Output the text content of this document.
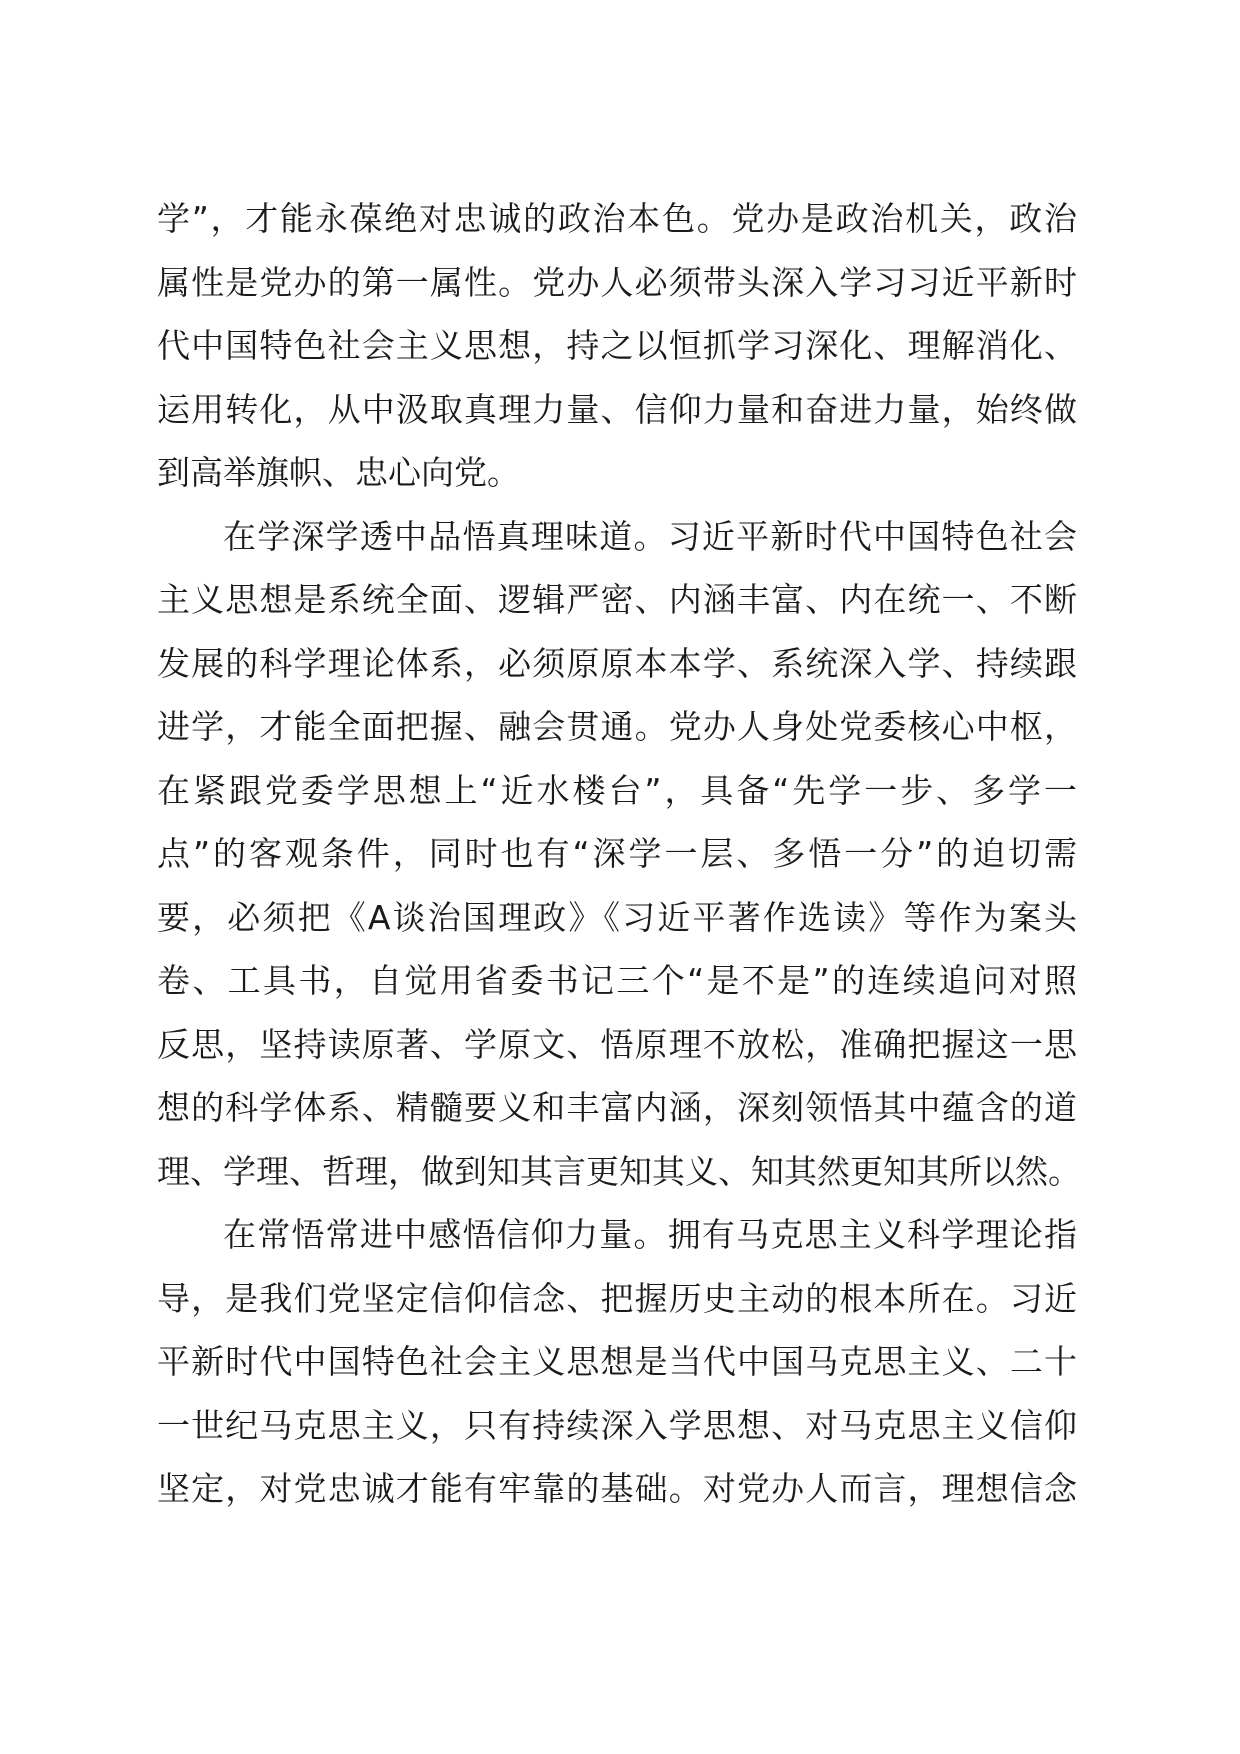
学”，才能永葆绝对忠诚的政治本色。党办是政治机关，政治
属性是党办的第一属性。党办人必须带头深入学习习近平新时
代中国特色社会主义思想，持之以恒抓学习深化、理解消化、
运用转化，从中汲取真理力量、信仰力量和奋进力量，始终做
到高举旗帜、忠心向党。
在学深学透中品悟真理味道。习近平新时代中国特色社会
主义思想是系统全面、逻辑严密、内涵丰富、内在统一、不断
发展的科学理论体系，必须原原本本学、系统深入学、持续跟
进学，才能全面把握、融会贯通。党办人身处党委核心中枢，
在紧跟党委学思想上“近水楼台”，具备“先学一步、多学一
点”的客观条件，同时也有“深学一层、多悟一分”的迫切需
要，必须把《A谈治国理政》《习近平著作选读》等作为案头
卷、工具书，自觉用省委书记三个“是不是”的连续追问对照
反思，坚持读原著、学原文、悟原理不放松，准确把握这一思
想的科学体系、精髓要义和丰富内涵，深刻领悟其中蕴含的道
理、学理、哲理，做到知其言更知其义、知其然更知其所以然。
在常悟常进中感悟信仰力量。拥有马克思主义科学理论指
导，是我们党坚定信仰信念、把握历史主动的根本所在。习近
平新时代中国特色社会主义思想是当代中国马克思主义、二十
一世纪马克思主义，只有持续深入学思想、对马克思主义信仰
坚定，对党忠诚才能有牢靠的基础。对党办人而言，理想信念
